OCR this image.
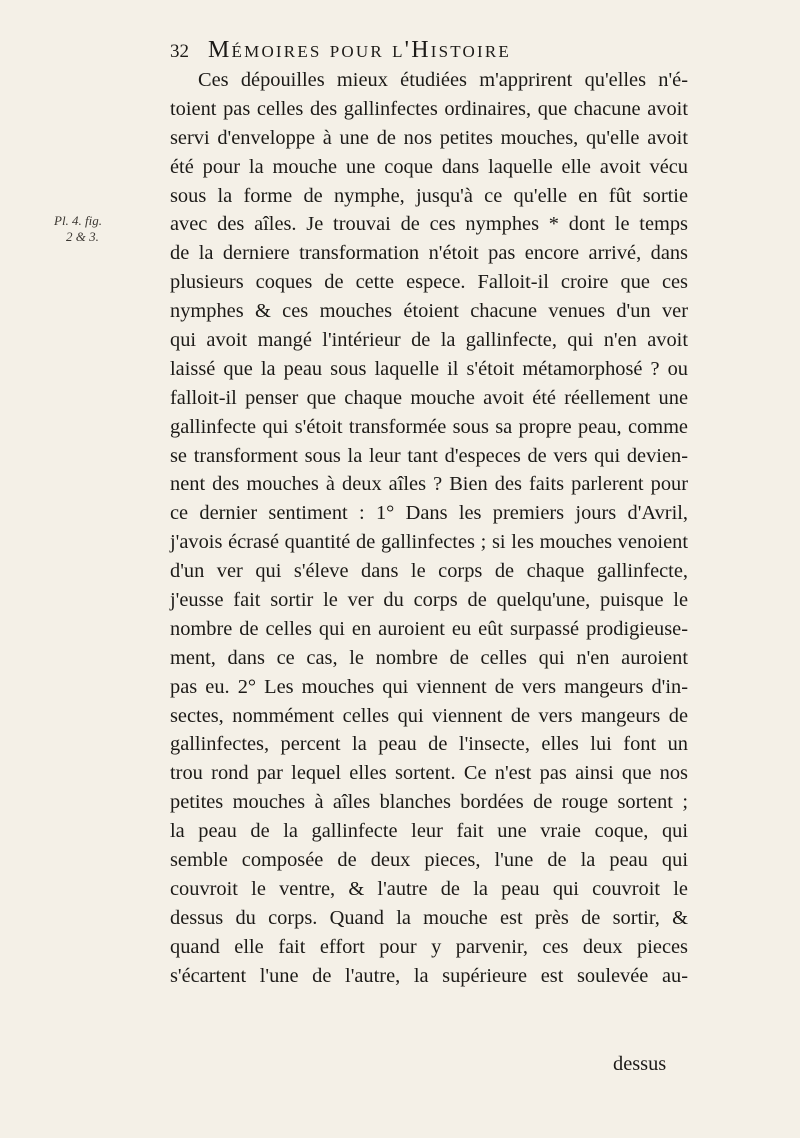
32 Mémoires pour l'Histoire
Pl. 4. fig.
2 & 3.

Ces dépouilles mieux étudiées m'apprirent qu'elles n'é-
toient pas celles des gallinfectes ordinaires, que chacune avoit
servi d'enveloppe à une de nos petites mouches, qu'elle avoit
été pour la mouche une coque dans laquelle elle avoit vécu
sous la forme de nymphe, jusqu'à ce qu'elle en fût sortie
avec des aîles. Je trouvai de ces nymphes * dont le temps
de la derniere transformation n'étoit pas encore arrivé, dans
plusieurs coques de cette espece. Falloit-il croire que ces
nymphes & ces mouches étoient chacune venues d'un ver
qui avoit mangé l'intérieur de la gallinfecte, qui n'en avoit
laissé que la peau sous laquelle il s'étoit métamorphosé ? ou
falloit-il penser que chaque mouche avoit été réellement une
gallinfecte qui s'étoit transformée sous sa propre peau, comme
se transforment sous la leur tant d'especes de vers qui devien-
nent des mouches à deux aîles ? Bien des faits parlerent pour
ce dernier sentiment : 1° Dans les premiers jours d'Avril,
j'avois écrasé quantité de gallinfectes ; si les mouches venoient
d'un ver qui s'éleve dans le corps de chaque gallinfecte,
j'eusse fait sortir le ver du corps de quelqu'une, puisque le
nombre de celles qui en auroient eu eût surpassé prodigieuse-
ment, dans ce cas, le nombre de celles qui n'en auroient
pas eu. 2° Les mouches qui viennent de vers mangeurs d'in-
sectes, nommément celles qui viennent de vers mangeurs de
gallinfectes, percent la peau de l'insecte, elles lui font un
trou rond par lequel elles sortent. Ce n'est pas ainsi que nos
petites mouches à aîles blanches bordées de rouge sortent ;
la peau de la gallinfecte leur fait une vraie coque, qui
semble composée de deux pieces, l'une de la peau qui
couvroit le ventre, & l'autre de la peau qui couvroit le
dessus du corps. Quand la mouche est près de sortir, &
quand elle fait effort pour y parvenir, ces deux pieces
s'écartent l'une de l'autre, la supérieure est soulevée au-

dessus
